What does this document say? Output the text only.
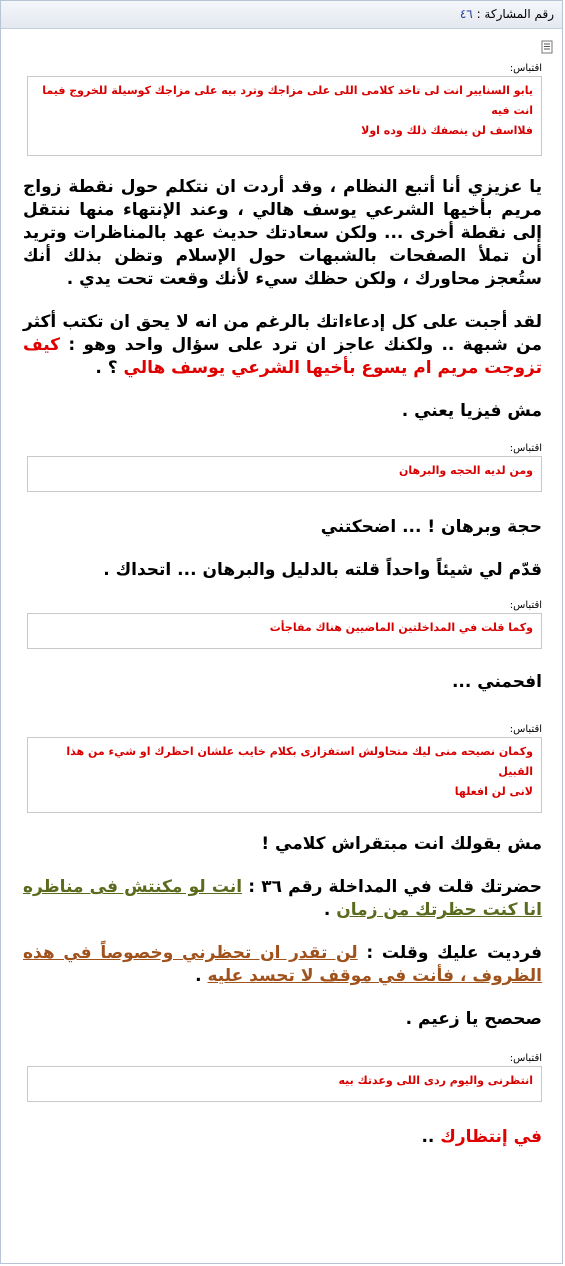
رقم المشاركة : ٤٦
اقتباس:
يابو السنايير انت لى تاخد كلامى اللى على مزاجك وترد بيه على مزاجك كوسيلة للخروج فيما انت فيه
فلااسف لن ينصفك ذلك وده اولا

يا عزيزي أنا أتبع النظام ، وقد أردت ان نتكلم حول نقطة زواج مريم بأخيها الشرعي يوسف هالي ، وعند الإنتهاء منها ننتقل إلى نقطة أخرى ... ولكن سعادتك حديث عهد بالمناظرات وتريد أن تملأ الصفحات بالشبهات حول الإسلام وتظن بذلك أنك ستُعجز محاورك ، ولكن حظك سيء لأنك وقعت تحت يدي .

لقد أجبت على كل إدعاءاتك بالرغم من انه لا يحق ان تكتب أكثر من شبهة .. ولكنك عاجز ان ترد على سؤال واحد وهو : كيف تزوجت مريم ام يسوع بأخيها الشرعي يوسف هالي ؟ .

مش فيزيا يعني .

اقتباس:
ومن لديه الحجه والبرهان

حجة وبرهان ! ... اضحكتني

قدّم لي شيئاً واحداً قلته بالدليل والبرهان ... اتحداك .

اقتباس:
وكما قلت في المداخلتين الماضيين هناك مفاجأت

افحمني ...

اقتباس:
وكمان نصيحه منى ليك متحاولش استفزازى بكلام خايب علشان احظرك او شيء من هذا القبيل
لانى لن افعلها

مش بقولك انت مبتقراش كلامي !

حضرتك قلت في المداخلة رقم ٣٦ : انت لو مكنتش فى مناظره انا كنت حظرتك من زمان .

فرديت عليك وقلت : لن تقدر ان تحظرني وخصوصاً في هذه الظروف ، فأنت في موقف لا تحسد عليه .

صحصح يا زعيم .

اقتباس:
انتظرنى واليوم ردى اللى وعدتك بيه

في إنتظارك ..
